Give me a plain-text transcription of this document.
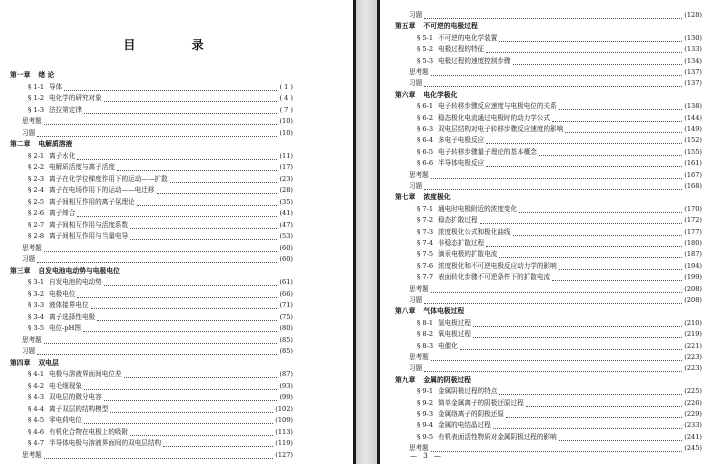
目 录
第一章 绪 论
§ 1-1 导体	( 1 )
§ 1-2 电化学的研究对象	( 4 )
§ 1-3 法拉第定律	( 7 )
思考题	(10)
习题	(10)
第二章 电解质溶液
§ 2-1 离子水化	(11)
§ 2-2 电解质活度与离子活度	(17)
§ 2-3 离子在化学位梯度作用下的运动——扩散	(23)
§ 2-4 离子在电场作用下的运动——电迁移	(28)
§ 2-5 离子间相互作用的离子氛理论	(35)
§ 2-6 离子缔合	(41)
§ 2-7 离子间相互作用与活度系数	(47)
§ 2-8 离子间相互作用与当量电导	(53)
思考题	(60)
习题	(60)
第三章 自发电池电动势与电极电位
§ 3-1 自发电池的电动势	(61)
§ 3-2 电极电位	(66)
§ 3-3 液体接界电位	(71)
§ 3-4 离子选择性电极	(75)
§ 3-5 电位-pH图	(80)
思考题	(85)
习题	(85)
第四章 双电层
§ 4-1 电极与溶液界面间电位差	(87)
§ 4-2 电毛细现象	(93)
§ 4-3 双电层的微分电容	(99)
§ 4-4 离子双层的结构模型	(102)
§ 4-5 零电荷电位	(109)
§ 4-6 有机化合物在电极上的吸附	(113)
§ 4-7 半导体电极与溶液界面间的双电层结构	(119)
思考题	(127)	— 3 —
习题	(128)
第五章 不可逆的电极过程
§ 5-1 不可逆的电化学装置	(130)
§ 5-2 电极过程的特征	(133)
§ 5-3 电极过程的速度控制步骤	(134)
思考题	(137)
习题	(137)
第六章 电化学极化
§ 6-1 电子转移步骤反应速度与电极电位的关系	(138)
§ 6-2 稳态极化电流通过电极时的动力学公式	(144)
§ 6-3 双电层结构对电子转移步骤反应速度的影响	(149)
§ 6-4 多电子电极反应	(152)
§ 6-5 电子转移步骤量子理论的基本概念	(155)
§ 6-6 半导体电极反应	(161)
思考题	(167)
习题	(168)
第七章 浓度极化
§ 7-1 通电时电极附近的浓度变化	(170)
§ 7-2 稳态扩散过程	(172)
§ 7-3 浓度极化公式和极化曲线	(177)
§ 7-4 非稳态扩散过程	(180)
§ 7-5 滴汞电极的扩散电流	(187)
§ 7-6 浓度极化和不可逆电极反应动力学的影响	(194)
§ 7-7 表面转化步骤不可逆条件下的扩散电流	(199)
思考题	(208)
习题	(208)
第八章 气体电极过程
§ 8-1 氢电极过程	(210)
§ 8-2 氧电极过程	(219)
§ 8-3 电催化	(221)
思考题	(223)
习题	(223)
第九章 金属的阴极过程
§ 9-1 金属阴极过程的特点	(225)
§ 9-2 简单金属离子的阴极还原过程	(226)
§ 9-3 金属络离子的阴极还原	(229)
§ 9-4 金属的电结晶过程	(233)
§ 9-5 有机表面活性物质对金属阴极过程的影响	(241)
思考题	(245)
